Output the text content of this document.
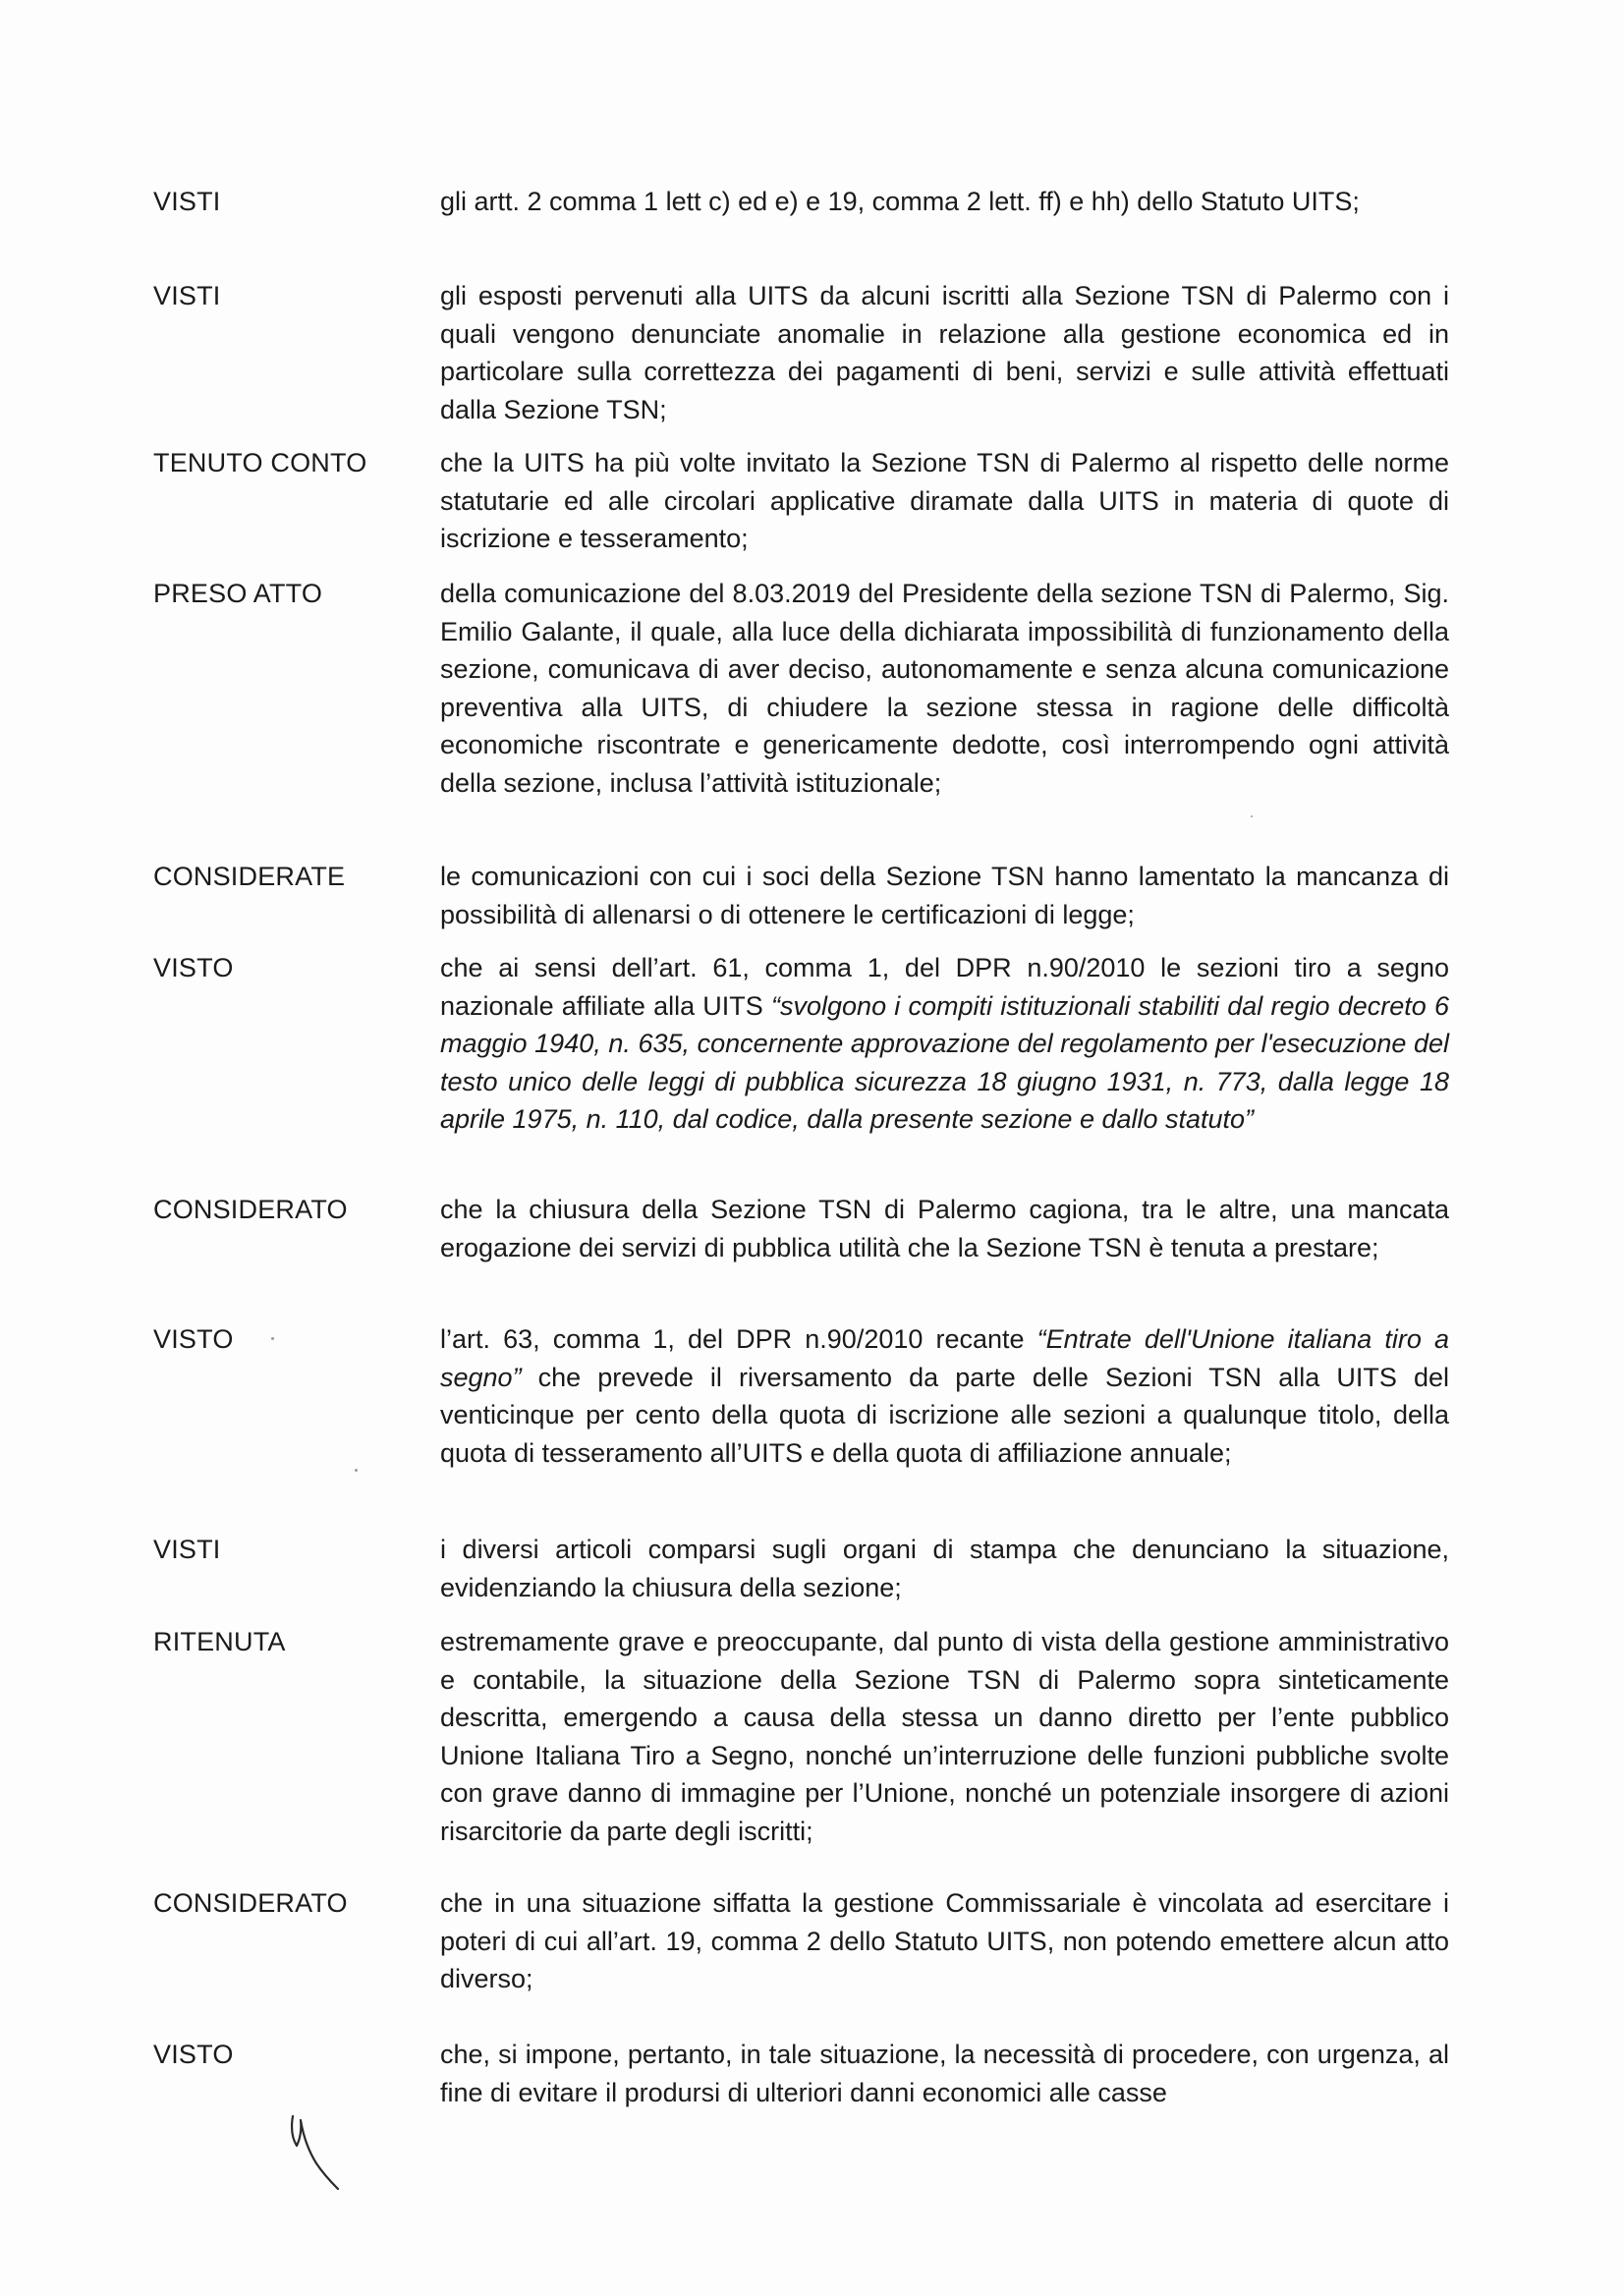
VISTI	gli artt. 2 comma 1 lett c) ed e) e 19, comma 2 lett. ff) e hh) dello Statuto UITS;
VISTI	gli esposti pervenuti alla UITS da alcuni iscritti alla Sezione TSN di Palermo con i quali vengono denunciate anomalie in relazione alla gestione economica ed in particolare sulla correttezza dei pagamenti di beni, servizi e sulle attività effettuati dalla Sezione TSN;
TENUTO CONTO	che la UITS ha più volte invitato la Sezione TSN di Palermo al rispetto delle norme statutarie ed alle circolari applicative diramate dalla UITS in materia di quote di iscrizione e tesseramento;
PRESO ATTO	della comunicazione del 8.03.2019 del Presidente della sezione TSN di Palermo, Sig. Emilio Galante, il quale, alla luce della dichiarata impossibilità di funzionamento della sezione, comunicava di aver deciso, autonomamente e senza alcuna comunicazione preventiva alla UITS, di chiudere la sezione stessa in ragione delle difficoltà economiche riscontrate e genericamente dedotte, così interrompendo ogni attività della sezione, inclusa l’attività istituzionale;
CONSIDERATE	le comunicazioni con cui i soci della Sezione TSN hanno lamentato la mancanza di possibilità di allenarsi o di ottenere le certificazioni di legge;
VISTO	che ai sensi dell’art. 61, comma 1, del DPR n.90/2010 le sezioni tiro a segno nazionale affiliate alla UITS “svolgono i compiti istituzionali stabiliti dal regio decreto 6 maggio 1940, n. 635, concernente approvazione del regolamento per l'esecuzione del testo unico delle leggi di pubblica sicurezza 18 giugno 1931, n. 773, dalla legge 18 aprile 1975, n. 110, dal codice, dalla presente sezione e dallo statuto”
CONSIDERATO	che la chiusura della Sezione TSN di Palermo cagiona, tra le altre, una mancata erogazione dei servizi di pubblica utilità che la Sezione TSN è tenuta a prestare;
VISTO	l’art. 63, comma 1, del DPR n.90/2010 recante “Entrate dell'Unione italiana tiro a segno” che prevede il riversamento da parte delle Sezioni TSN alla UITS del venticinque per cento della quota di iscrizione alle sezioni a qualunque titolo, della quota di tesseramento all’UITS e della quota di affiliazione annuale;
VISTI	i diversi articoli comparsi sugli organi di stampa che denunciano la situazione, evidenziando la chiusura della sezione;
RITENUTA	estremamente grave e preoccupante, dal punto di vista della gestione amministrativo e contabile, la situazione della Sezione TSN di Palermo sopra sinteticamente descritta, emergendo a causa della stessa un danno diretto per l’ente pubblico Unione Italiana Tiro a Segno, nonché un’interruzione delle funzioni pubbliche svolte con grave danno di immagine per l’Unione, nonché un potenziale insorgere di azioni risarcitorie da parte degli iscritti;
CONSIDERATO	che in una situazione siffatta la gestione Commissariale è vincolata ad esercitare i poteri di cui all’art. 19, comma 2 dello Statuto UITS, non potendo emettere alcun atto diverso;
VISTO	che, si impone, pertanto, in tale situazione, la necessità di procedere, con urgenza, al fine di evitare il prodursi di ulteriori danni economici alle casse
